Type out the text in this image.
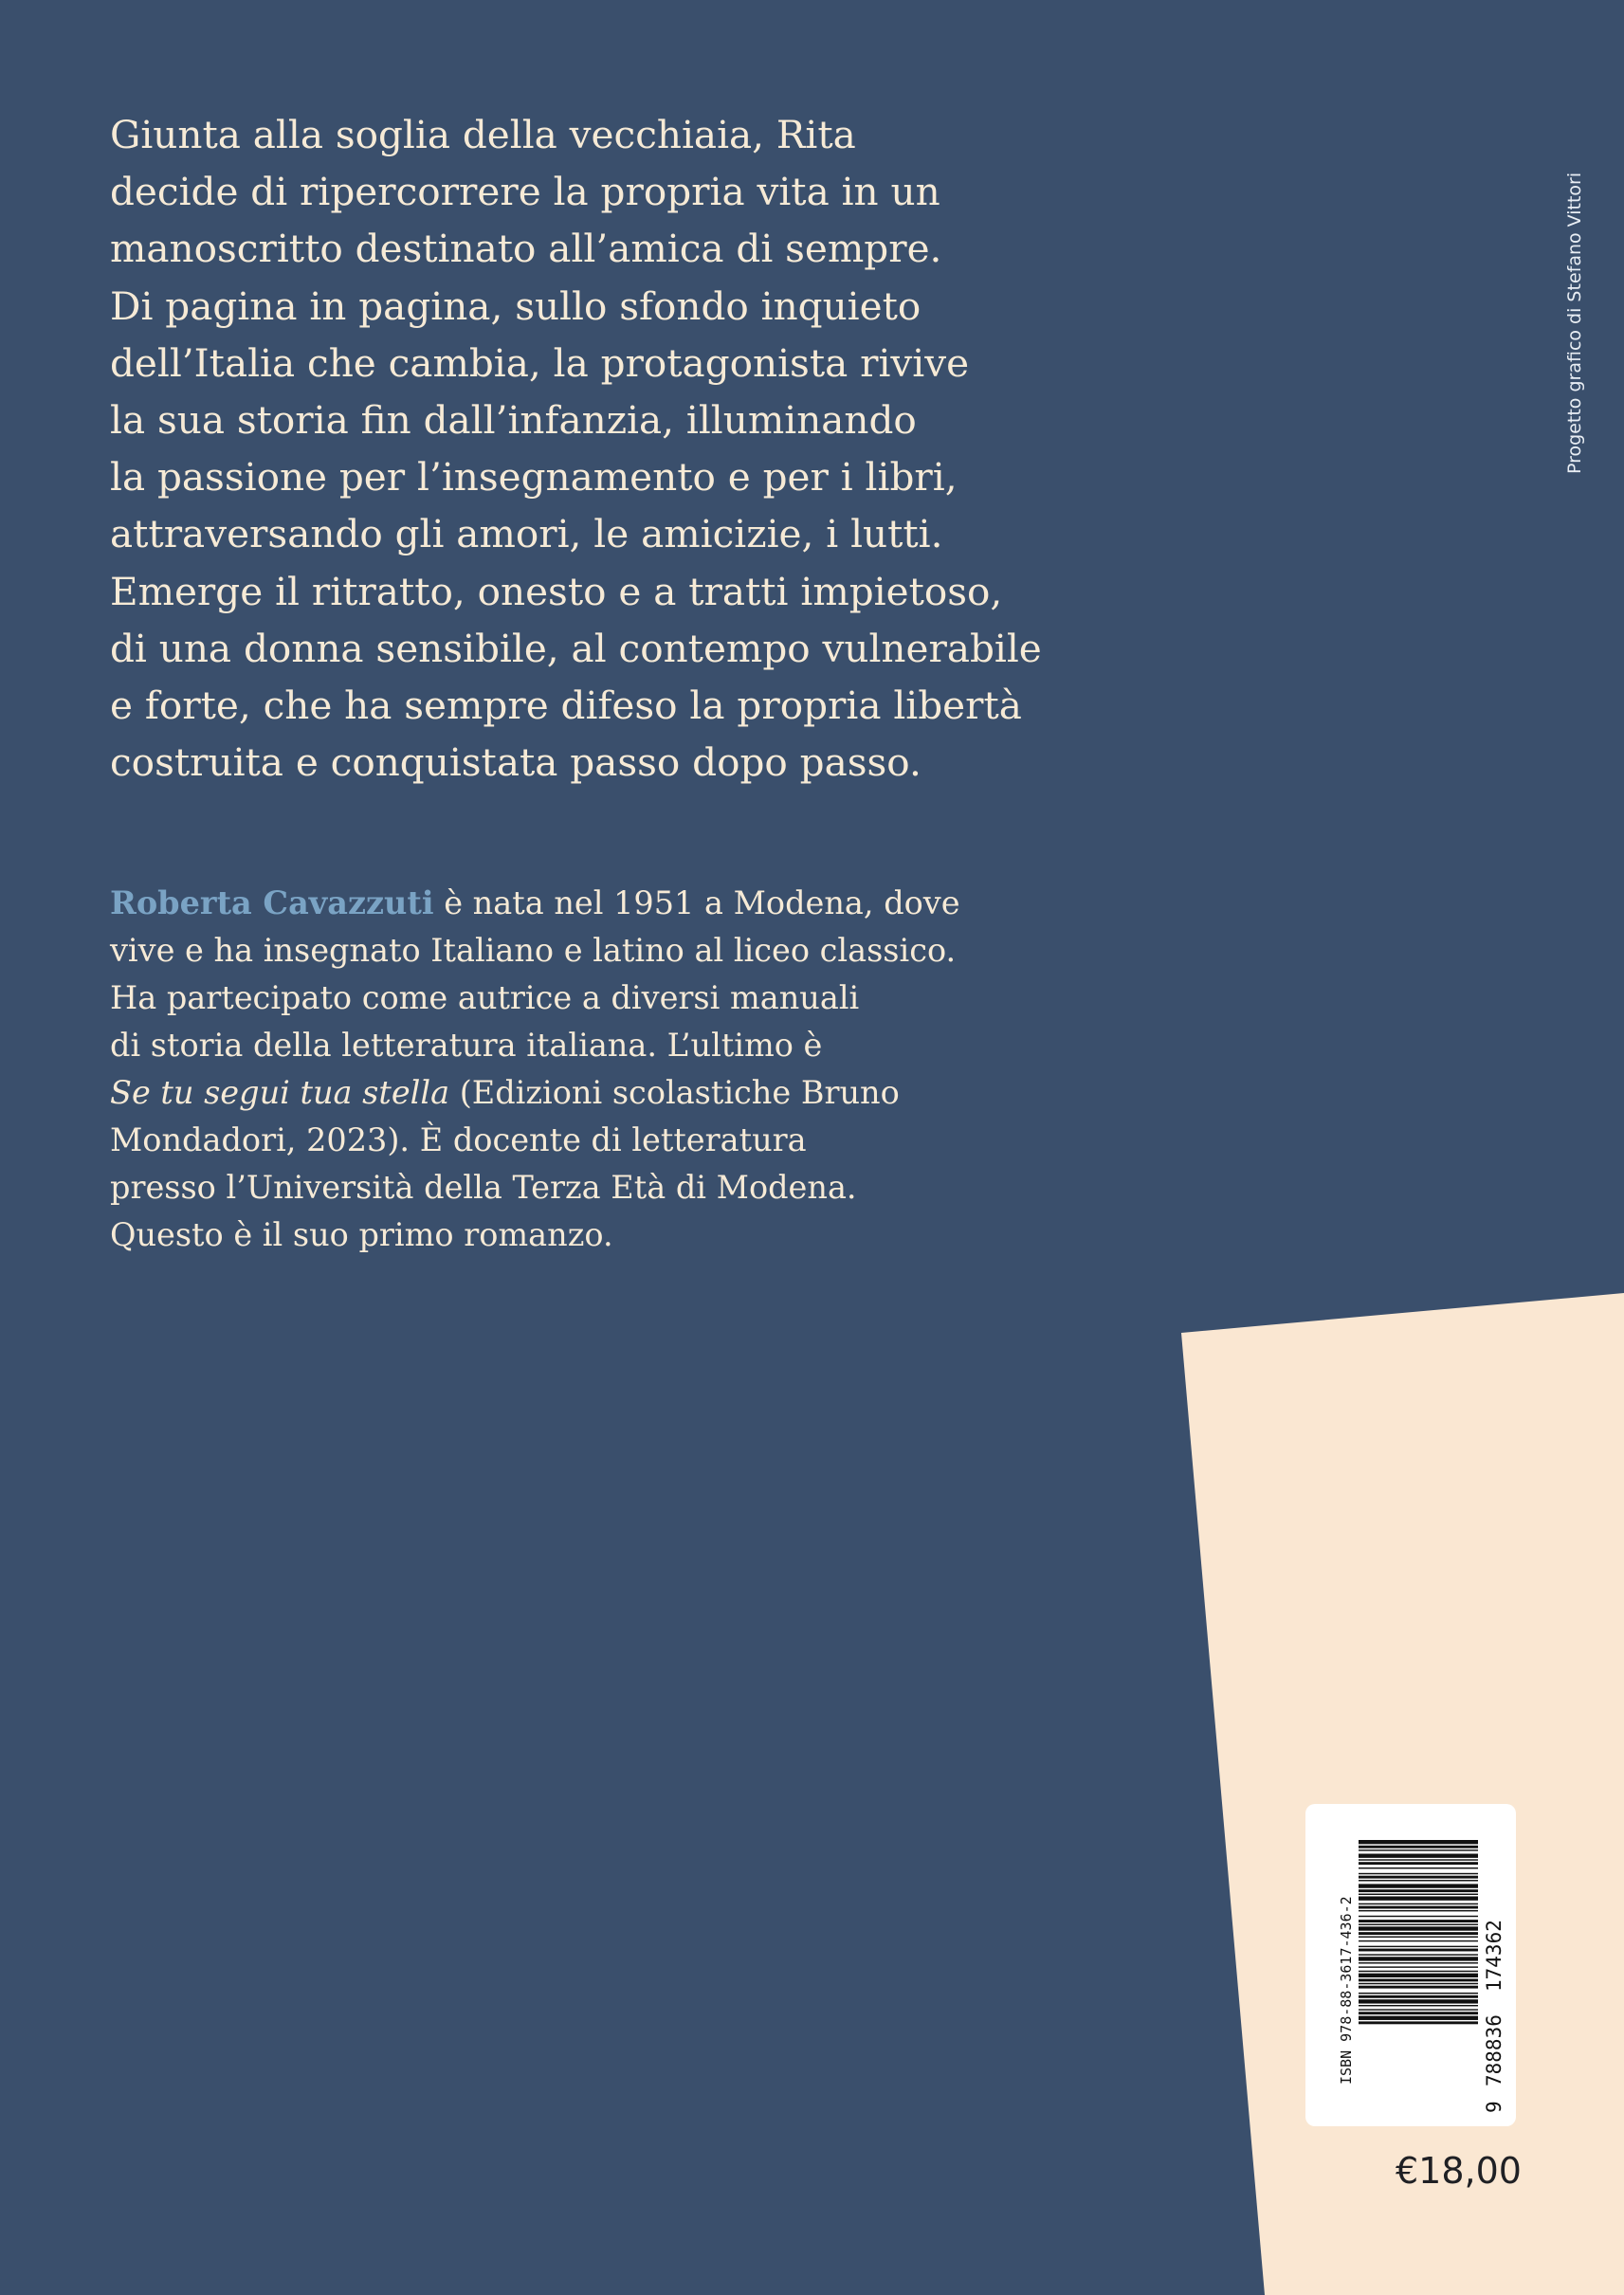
Giunta alla soglia della vecchiaia, Rita
decide di ripercorrere la propria vita in un
manoscritto destinato all’amica di sempre.
Di pagina in pagina, sullo sfondo inquieto
dell’Italia che cambia, la protagonista rivive
la sua storia fin dall’infanzia, illuminando
la passione per l’insegnamento e per i libri,
attraversando gli amori, le amicizie, i lutti.
Emerge il ritratto, onesto e a tratti impietoso,
di una donna sensibile, al contempo vulnerabile
e forte, che ha sempre difeso la propria libertà
costruita e conquistata passo dopo passo.
Roberta Cavazzuti è nata nel 1951 a Modena, dove
vive e ha insegnato Italiano e latino al liceo classico.
Ha partecipato come autrice a diversi manuali
di storia della letteratura italiana. L’ultimo è
Se tu segui tua stella (Edizioni scolastiche Bruno
Mondadori, 2023). È docente di letteratura
presso l’Università della Terza Età di Modena.
Questo è il suo primo romanzo.
Progetto grafico di Stefano Vittori
ISBN 978-88-3617-436-2
9
788836
174362
€18,00
